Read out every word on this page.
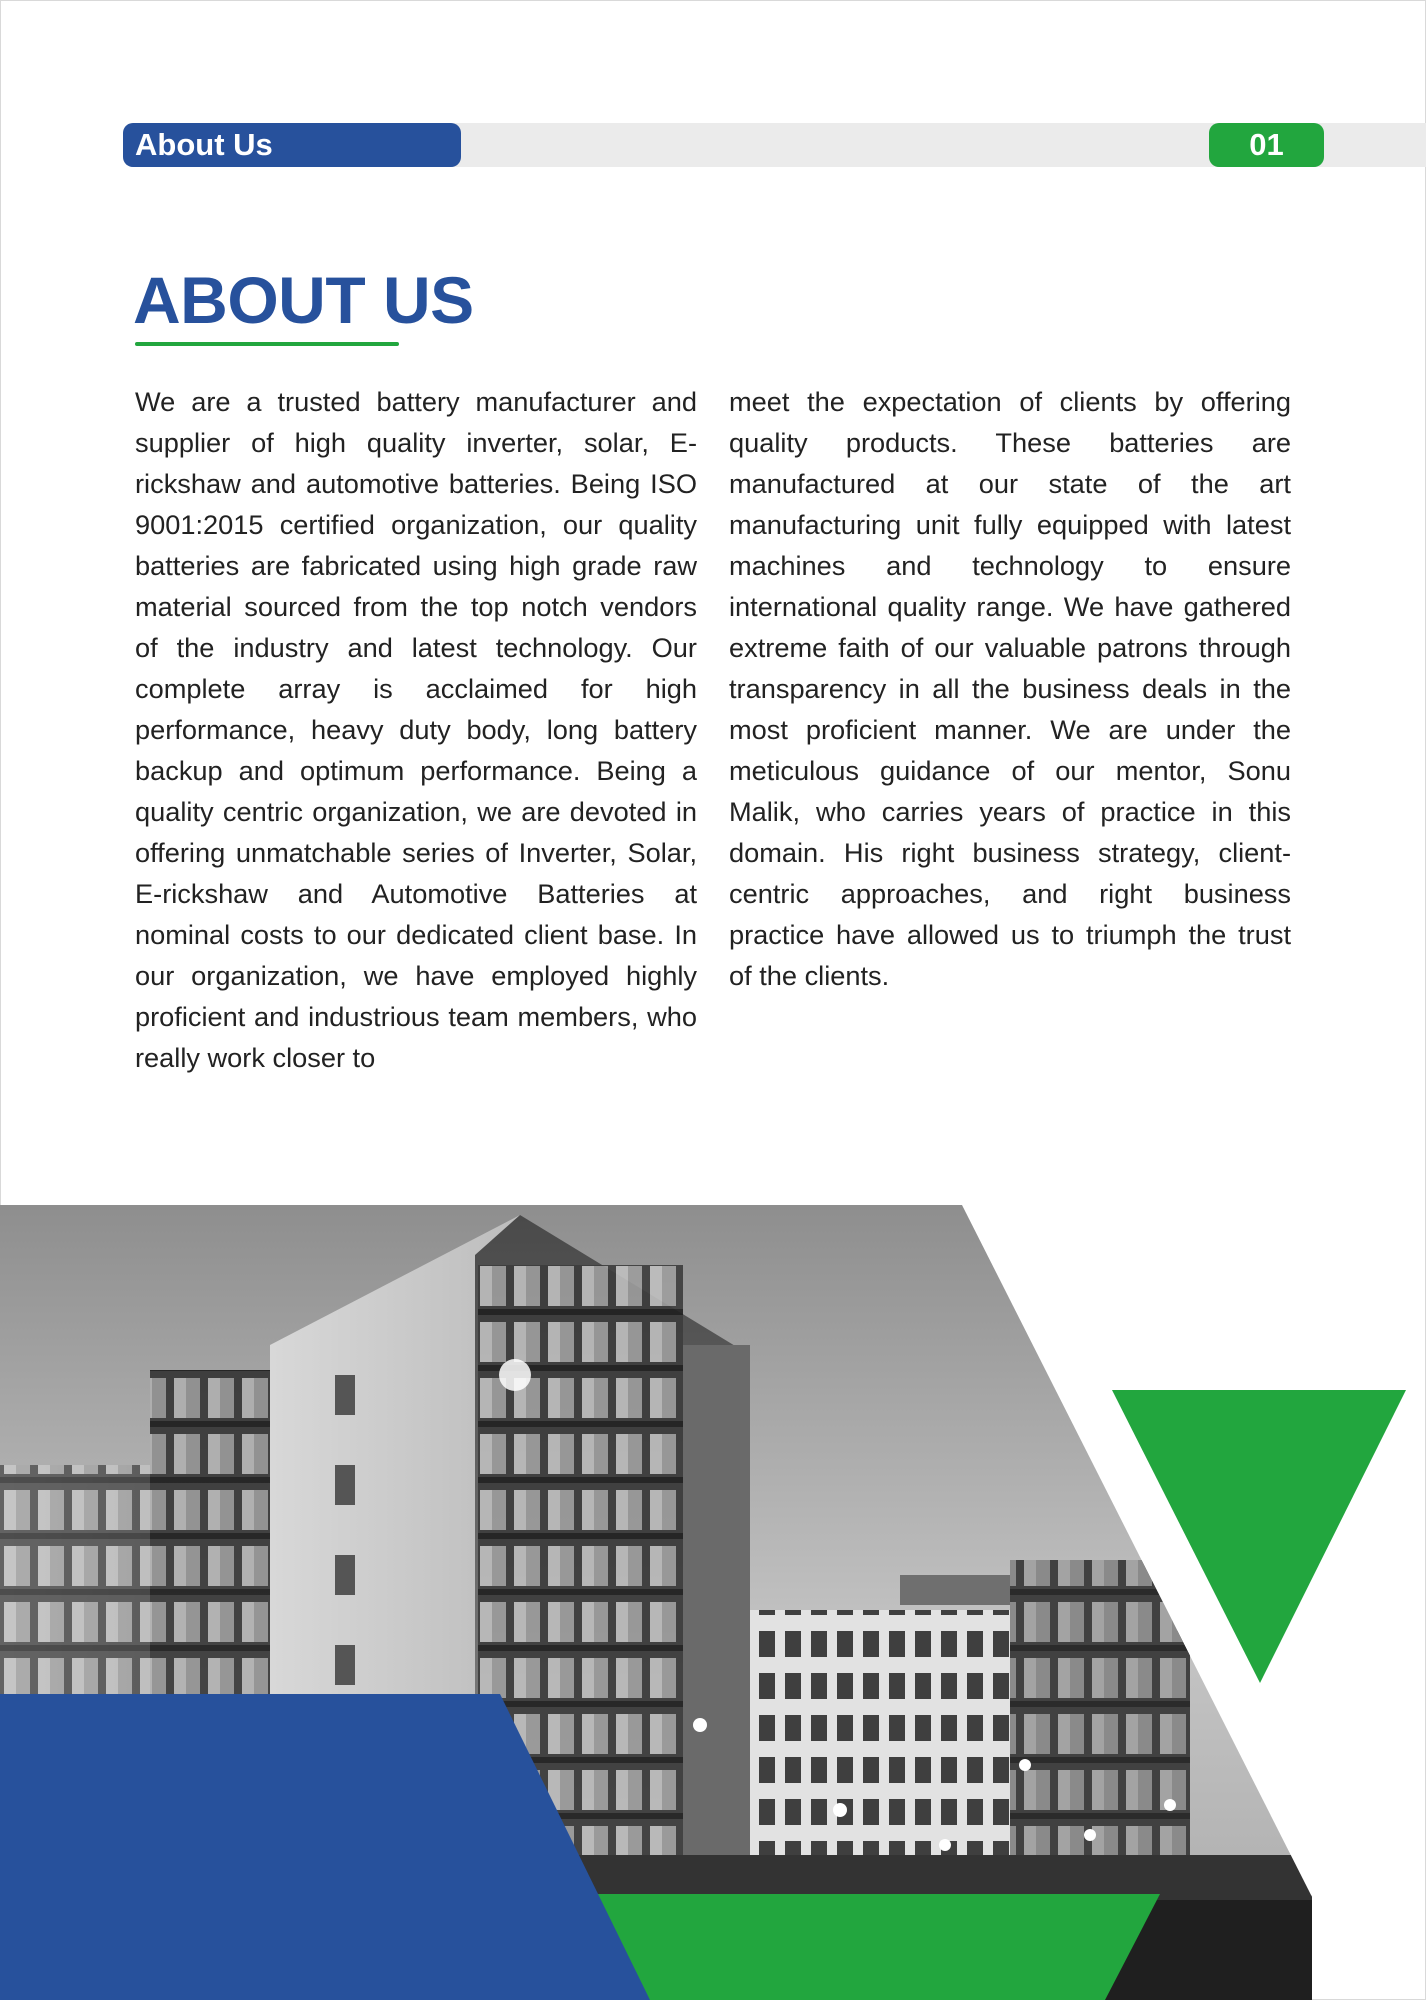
About Us	01
ABOUT US

We are a trusted battery manufacturer and supplier of high quality inverter, solar, E-rickshaw and automotive batteries. Being ISO 9001:2015 certified organization, our quality batteries are fabricated using high grade raw material sourced from the top notch vendors of the industry and latest technology. Our complete array is acclaimed for high performance, heavy duty body, long battery backup and optimum performance. Being a quality centric organization, we are devoted in offering unmatchable series of Inverter, Solar, E-rickshaw and Automotive Batteries at nominal costs to our dedicated client base. In our organization, we have employed highly proficient and industrious team members, who really work closer to

meet the expectation of clients by offering quality products. These batteries are manufactured at our state of the art manufacturing unit fully equipped with latest machines and technology to ensure international quality range. We have gathered extreme faith of our valuable patrons through transparency in all the business deals in the most proficient manner. We are under the meticulous guidance of our mentor, Sonu Malik, who carries years of practice in this domain. His right business strategy, client-centric approaches, and right business practice have allowed us to triumph the trust of the clients.
